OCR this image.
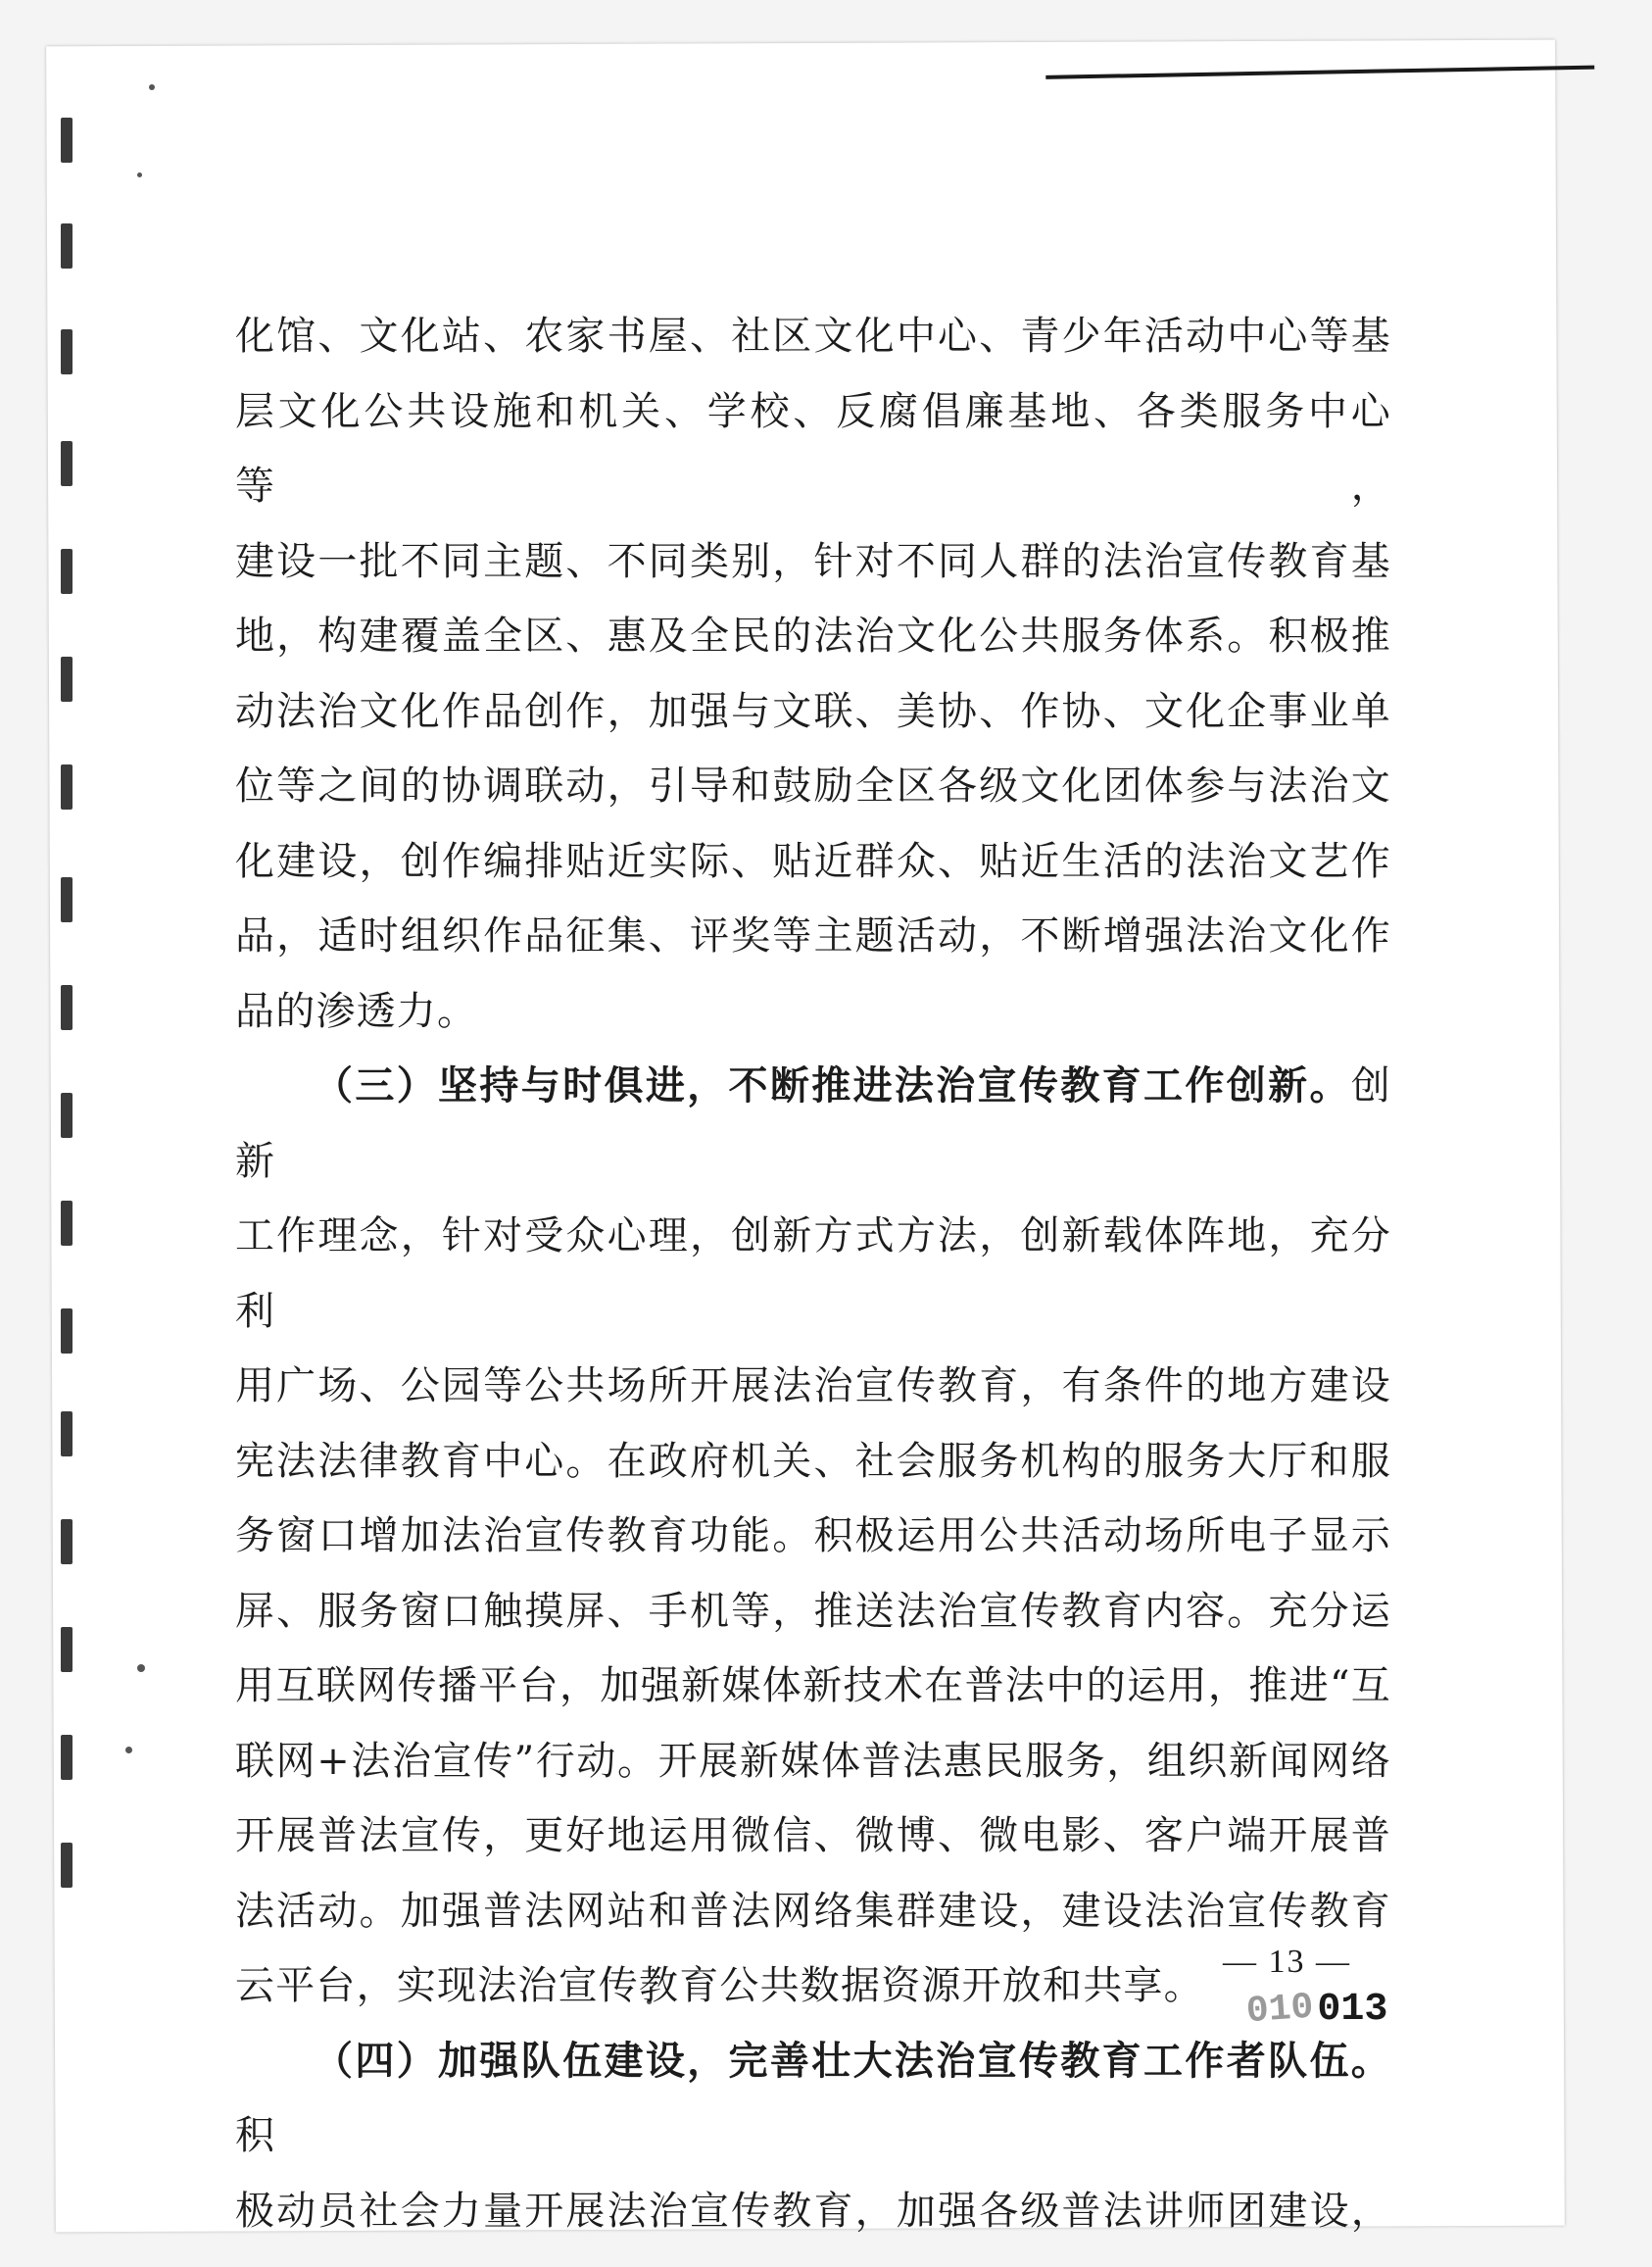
化馆、文化站、农家书屋、社区文化中心、青少年活动中心等基

层文化公共设施和机关、学校、反腐倡廉基地、各类服务中心等，

建设一批不同主题、不同类别，针对不同人群的法治宣传教育基

地，构建覆盖全区、惠及全民的法治文化公共服务体系。积极推

动法治文化作品创作，加强与文联、美协、作协、文化企事业单

位等之间的协调联动，引导和鼓励全区各级文化团体参与法治文

化建设，创作编排贴近实际、贴近群众、贴近生活的法治文艺作

品，适时组织作品征集、评奖等主题活动，不断增强法治文化作

品的渗透力。

（三）坚持与时俱进，不断推进法治宣传教育工作创新。创新

工作理念，针对受众心理，创新方式方法，创新载体阵地，充分利

用广场、公园等公共场所开展法治宣传教育，有条件的地方建设

宪法法律教育中心。在政府机关、社会服务机构的服务大厅和服

务窗口增加法治宣传教育功能。积极运用公共活动场所电子显示

屏、服务窗口触摸屏、手机等，推送法治宣传教育内容。充分运

用互联网传播平台，加强新媒体新技术在普法中的运用，推进“互

联网+法治宣传”行动。开展新媒体普法惠民服务，组织新闻网络

开展普法宣传，更好地运用微信、微博、微电影、客户端开展普

法活动。加强普法网站和普法网络集群建设，建设法治宣传教育

云平台，实现法治宣传教育公共数据资源开放和共享。

（四）加强队伍建设，完善壮大法治宣传教育工作者队伍。积

极动员社会力量开展法治宣传教育，加强各级普法讲师团建设，

— 13 —
010013
